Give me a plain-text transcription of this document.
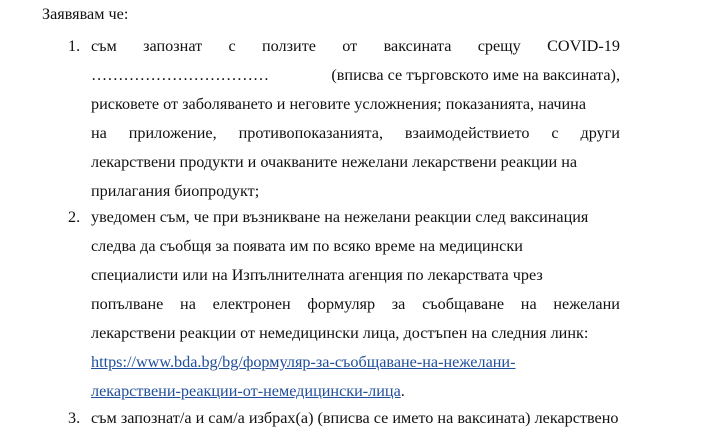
Заявявам че:
1. съм запознат с ползите от ваксината срещу COVID-19
……………………………	(вписва се търговското име на ваксината),
рисковете от заболяването и неговите усложнения; показанията, начина
на приложение, противопоказанията, взаимодействието с други
лекарствени продукти и очакваните нежелани лекарствени реакции на
прилагания биопродукт;
2. уведомен съм, че при възникване на нежелани реакции след ваксинация
следва да съобщя за появата им по всяко време на медицински
специалисти или на Изпълнителната агенция по лекарствата чрез
попълване на електронен формуляр за съобщаване на нежелани
лекарствени реакции от немедицински лица, достъпен на следния линк:
https://www.bda.bg/bg/формуляр-за-съобщаване-на-нежелани-
лекарствени-реакции-от-немедицински-лица.
3. съм запознат/а и сам/а избрах(а) (вписва се името на ваксината) лекарствено
